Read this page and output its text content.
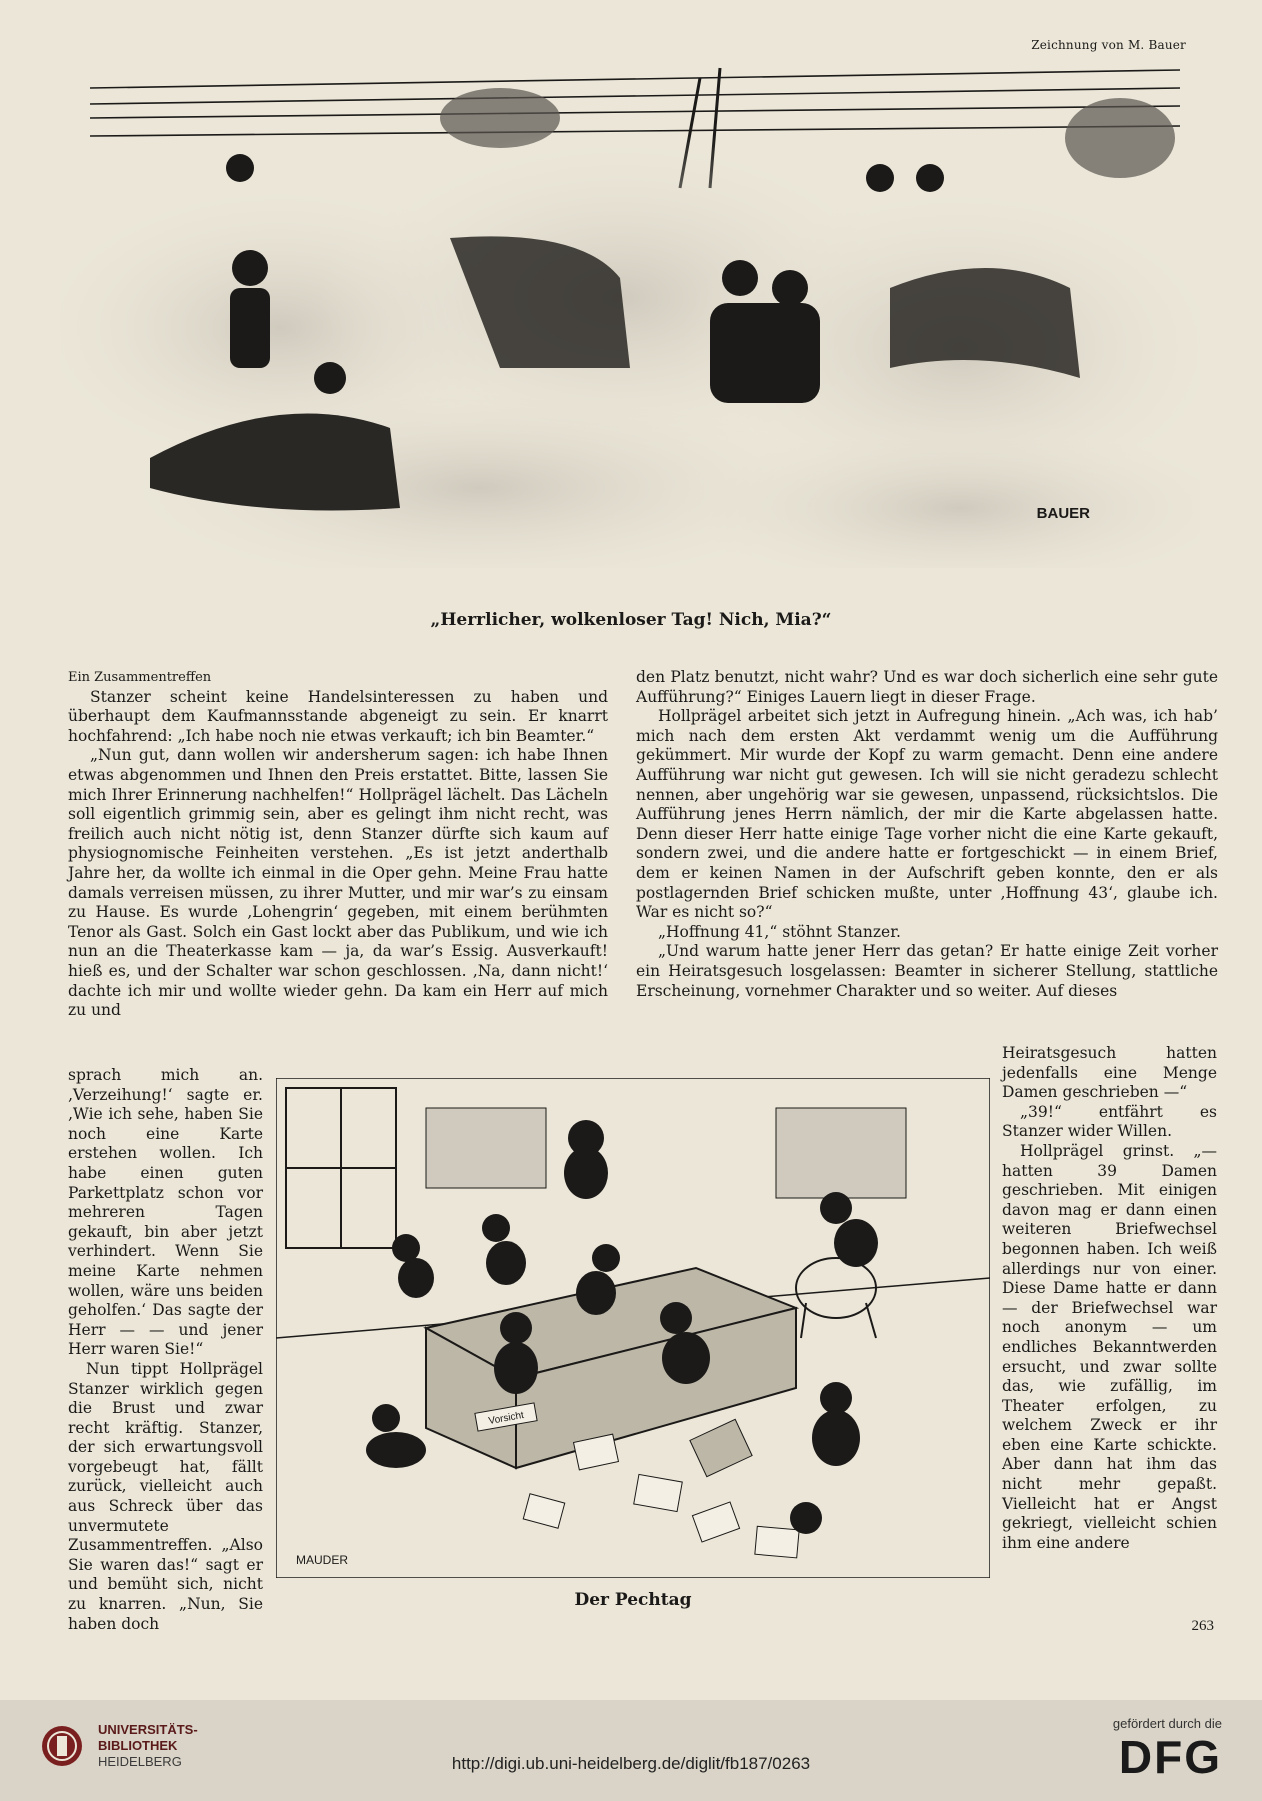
Zeichnung von M. Bauer
BAUER
„Herrlicher, wolkenloser Tag! Nich, Mia?“

Ein Zusammentreffen

Stanzer scheint keine Handelsinteressen zu haben und überhaupt dem Kaufmannsstande abgeneigt zu sein. Er knarrt hochfahrend: „Ich habe noch nie etwas verkauft; ich bin Beamter.“

„Nun gut, dann wollen wir andersherum sagen: ich habe Ihnen etwas abgenommen und Ihnen den Preis erstattet. Bitte, lassen Sie mich Ihrer Erinnerung nachhelfen!“ Hollprägel lächelt. Das Lächeln soll eigentlich grimmig sein, aber es gelingt ihm nicht recht, was freilich auch nicht nötig ist, denn Stanzer dürfte sich kaum auf physiognomische Feinheiten verstehen. „Es ist jetzt anderthalb Jahre her, da wollte ich einmal in die Oper gehn. Meine Frau hatte damals verreisen müssen, zu ihrer Mutter, und mir war’s zu einsam zu Hause. Es wurde ‚Lohengrin‘ gegeben, mit einem berühmten Tenor als Gast. Solch ein Gast lockt aber das Publikum, und wie ich nun an die Theaterkasse kam — ja, da war’s Essig. Ausverkauft! hieß es, und der Schalter war schon geschlossen. ‚Na, dann nicht!‘ dachte ich mir und wollte wieder gehn. Da kam ein Herr auf mich zu und

den Platz benutzt, nicht wahr? Und es war doch sicherlich eine sehr gute Aufführung?“ Einiges Lauern liegt in dieser Frage.

Hollprägel arbeitet sich jetzt in Aufregung hinein. „Ach was, ich hab’ mich nach dem ersten Akt verdammt wenig um die Aufführung gekümmert. Mir wurde der Kopf zu warm gemacht. Denn eine andere Aufführung war nicht gut gewesen. Ich will sie nicht geradezu schlecht nennen, aber ungehörig war sie gewesen, unpassend, rücksichtslos. Die Aufführung jenes Herrn nämlich, der mir die Karte abgelassen hatte. Denn dieser Herr hatte einige Tage vorher nicht die eine Karte gekauft, sondern zwei, und die andere hatte er fortgeschickt — in einem Brief, dem er keinen Namen in der Aufschrift geben konnte, den er als postlagernden Brief schicken mußte, unter ‚Hoffnung 43‘, glaube ich. War es nicht so?“

„Hoffnung 41,“ stöhnt Stanzer.

„Und warum hatte jener Herr das getan? Er hatte einige Zeit vorher ein Heiratsgesuch losgelassen: Beamter in sicherer Stellung, stattliche Erscheinung, vornehmer Charakter und so weiter. Auf dieses

sprach mich an. ‚Verzeihung!‘ sagte er. ‚Wie ich sehe, haben Sie noch eine Karte erstehen wollen. Ich habe einen guten Parkettplatz schon vor mehreren Tagen gekauft, bin aber jetzt verhindert. Wenn Sie meine Karte nehmen wollen, wäre uns beiden geholfen.‘ Das sagte der Herr — — und jener Herr waren Sie!“

Nun tippt Hollprägel Stanzer wirklich gegen die Brust und zwar recht kräftig. Stanzer, der sich erwartungsvoll vorgebeugt hat, fällt zurück, vielleicht auch aus Schreck über das unvermutete Zusammentreffen. „Also Sie waren das!“ sagt er und bemüht sich, nicht zu knarren. „Nun, Sie haben doch

Vorsicht
MAUDER
Der Pechtag

Heiratsgesuch hatten jedenfalls eine Menge Damen geschrieben —“

„39!“ entfährt es Stanzer wider Willen.

Hollprägel grinst. „— hatten 39 Damen geschrieben. Mit einigen davon mag er dann einen weiteren Briefwechsel begonnen haben. Ich weiß allerdings nur von einer. Diese Dame hatte er dann — der Briefwechsel war noch anonym — um endliches Bekanntwerden ersucht, und zwar sollte das, wie zufällig, im Theater erfolgen, zu welchem Zweck er ihr eben eine Karte schickte. Aber dann hat ihm das nicht mehr gepaßt. Vielleicht hat er Angst gekriegt, vielleicht schien ihm eine andere

263
UNIVERSITÄTS-
BIBLIOTHEK
HEIDELBERG	http://digi.ub.uni-heidelberg.de/diglit/fb187/0263
gefördert durch die
DFG
